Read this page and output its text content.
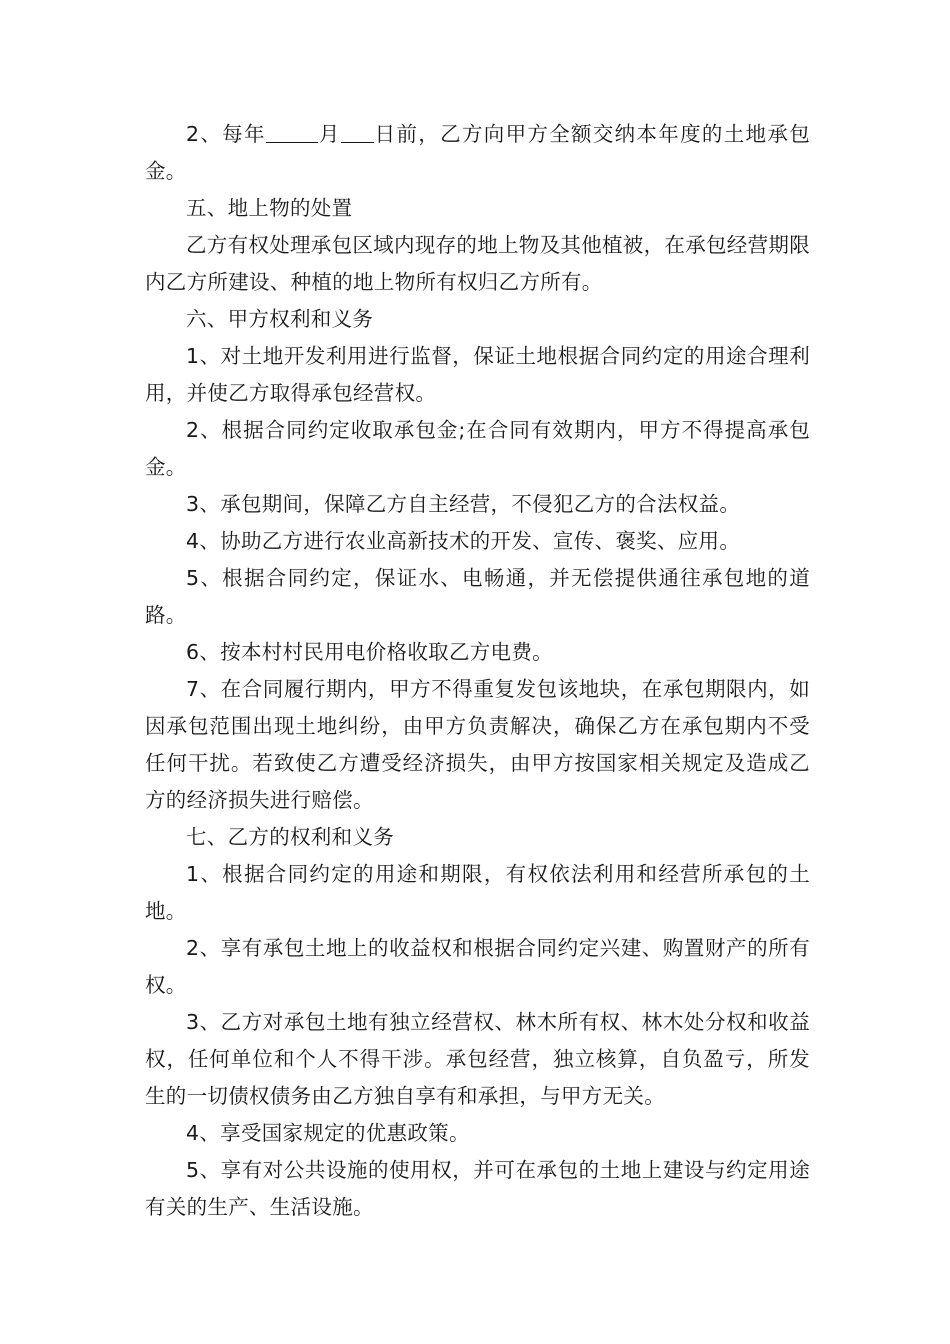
2、每年	月 日前，乙方向甲方全额交纳本年度的土地承包金。

五、地上物的处置

乙方有权处理承包区域内现存的地上物及其他植被，在承包经营期限内乙方所建设、种植的地上物所有权归乙方所有。

六、甲方权利和义务

1、对土地开发利用进行监督，保证土地根据合同约定的用途合理利用，并使乙方取得承包经营权。

2、根据合同约定收取承包金;在合同有效期内，甲方不得提高承包金。

3、承包期间，保障乙方自主经营，不侵犯乙方的合法权益。

4、协助乙方进行农业高新技术的开发、宣传、褒奖、应用。

5、根据合同约定，保证水、电畅通，并无偿提供通往承包地的道路。

6、按本村村民用电价格收取乙方电费。

7、在合同履行期内，甲方不得重复发包该地块，在承包期限内，如因承包范围出现土地纠纷，由甲方负责解决，确保乙方在承包期内不受任何干扰。若致使乙方遭受经济损失，由甲方按国家相关规定及造成乙方的经济损失进行赔偿。

七、乙方的权利和义务

1、根据合同约定的用途和期限，有权依法利用和经营所承包的土地。

2、享有承包土地上的收益权和根据合同约定兴建、购置财产的所有权。

3、乙方对承包土地有独立经营权、林木所有权、林木处分权和收益权，任何单位和个人不得干涉。承包经营，独立核算，自负盈亏，所发生的一切债权债务由乙方独自享有和承担，与甲方无关。

4、享受国家规定的优惠政策。

5、享有对公共设施的使用权，并可在承包的土地上建设与约定用途有关的生产、生活设施。
